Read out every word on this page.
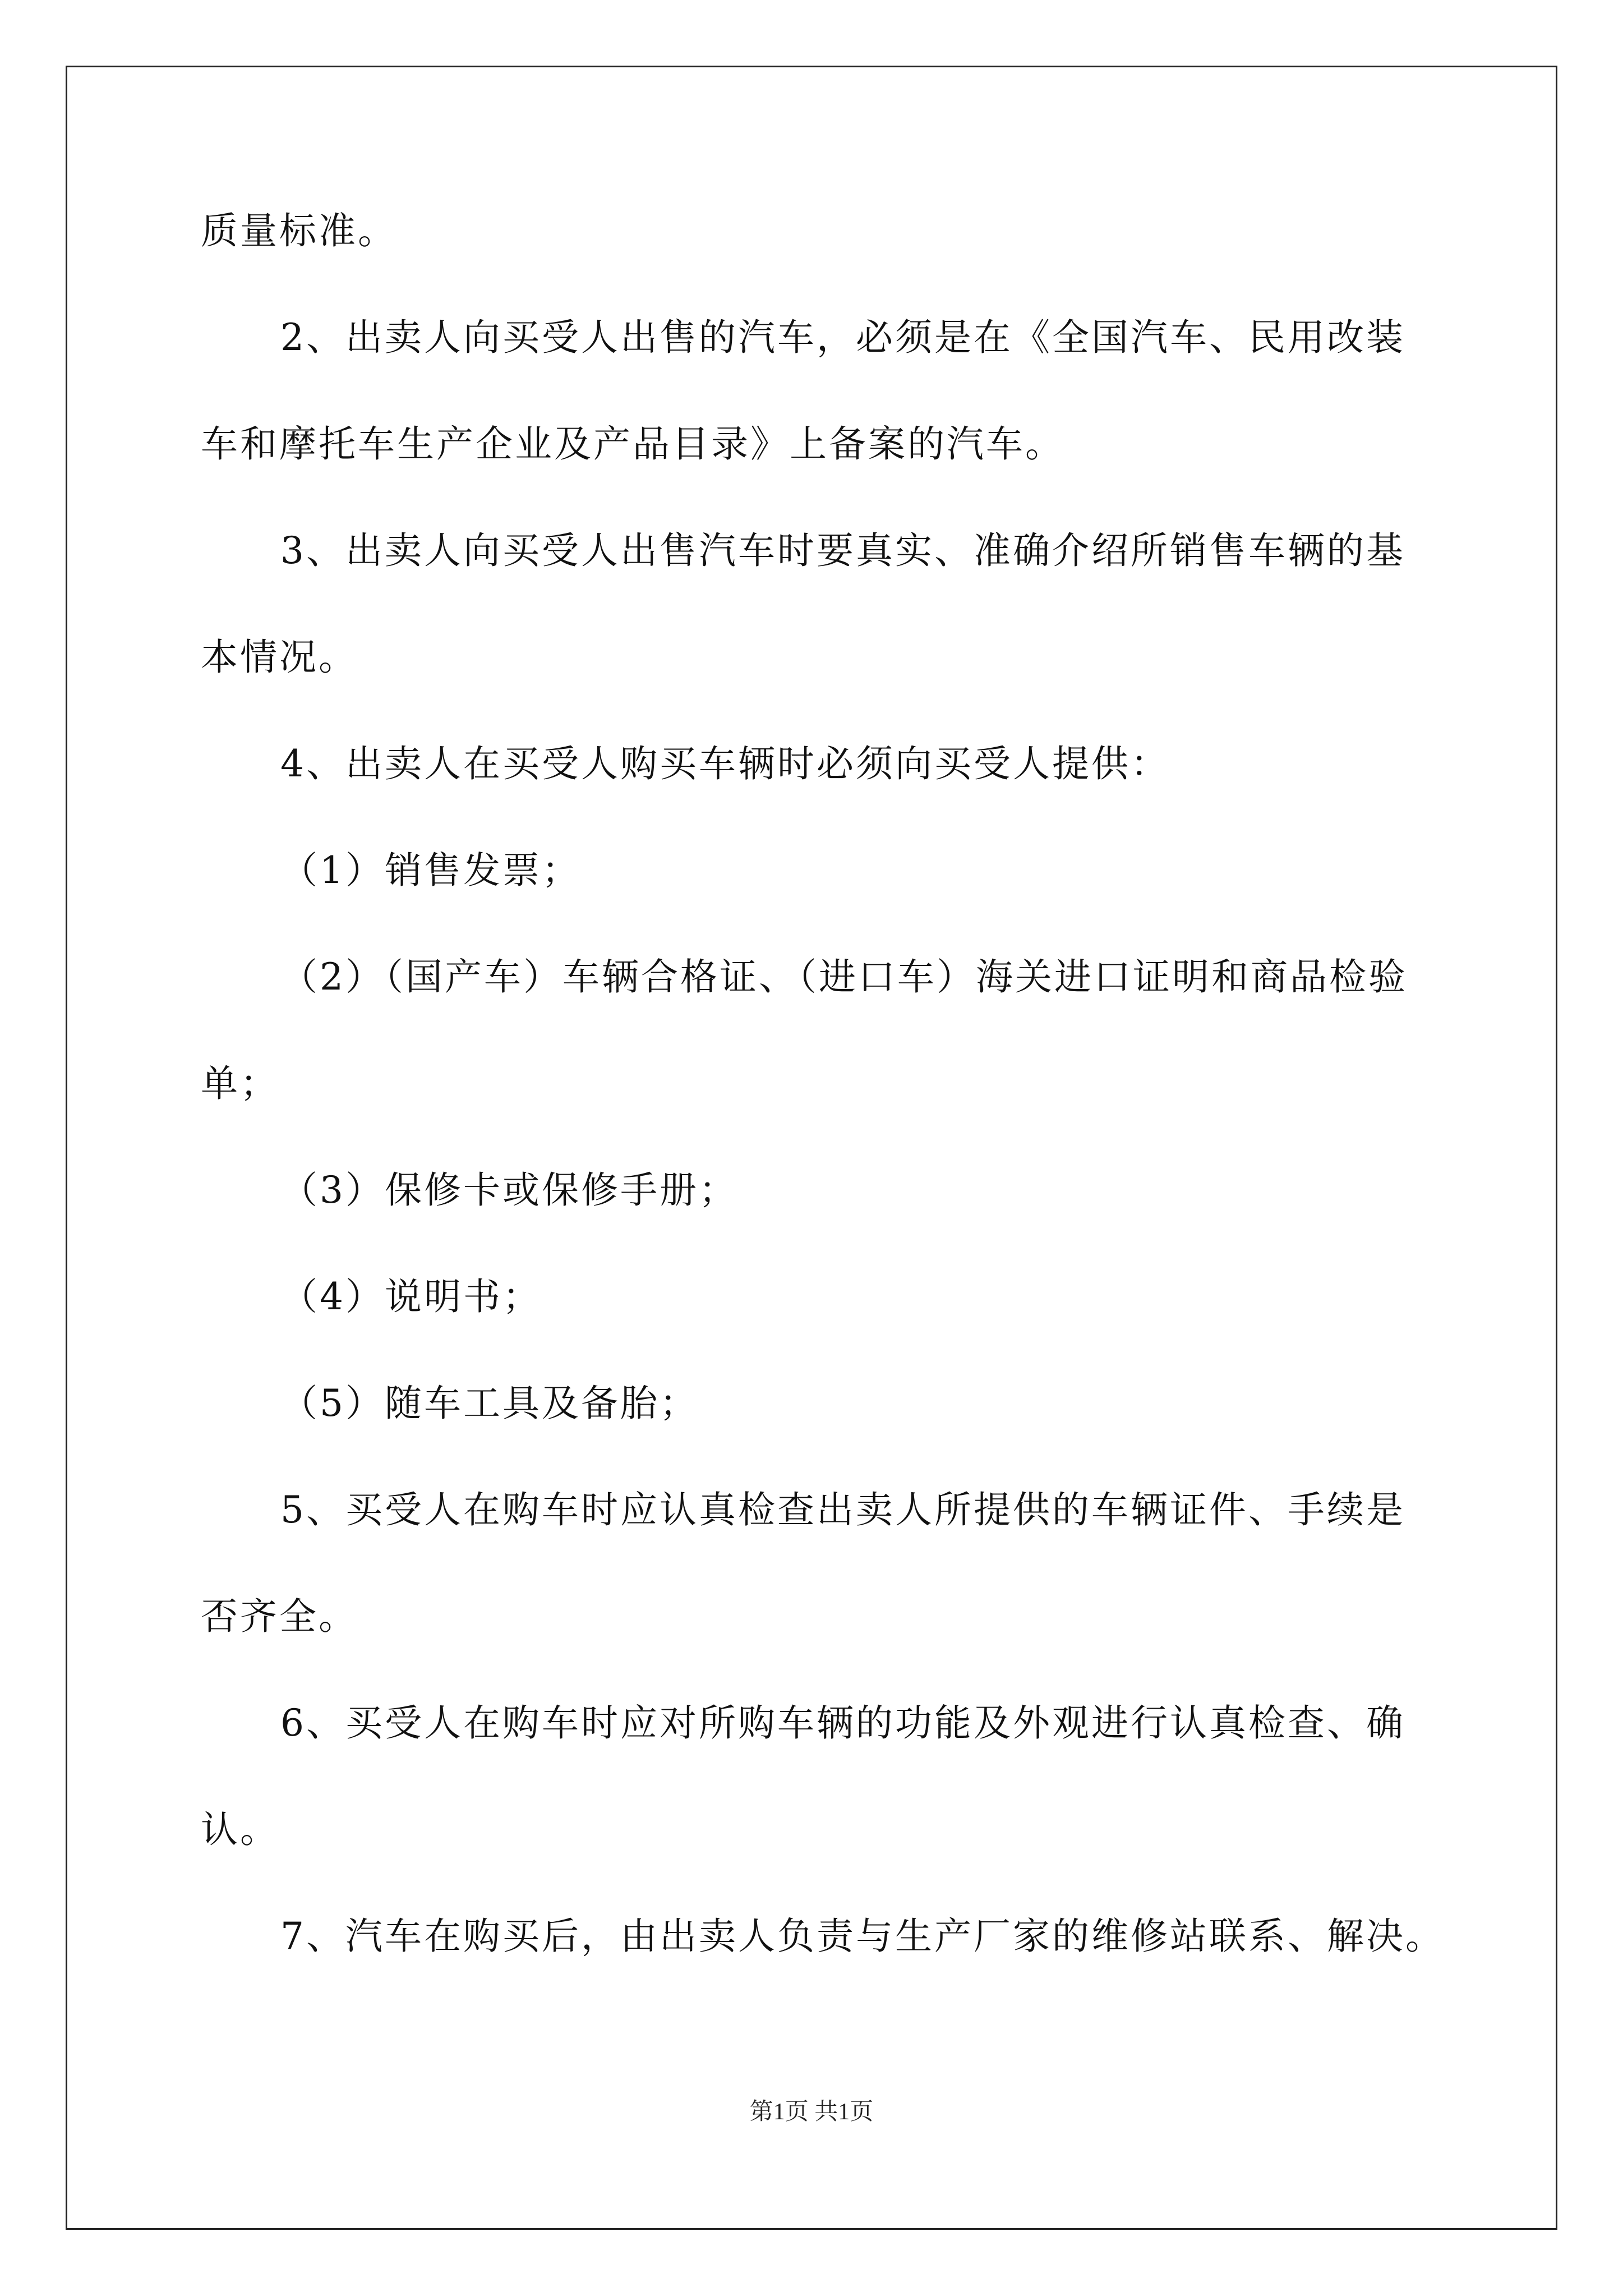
质量标准。
2、出卖人向买受人出售的汽车，必须是在《全国汽车、民用改装
车和摩托车生产企业及产品目录》上备案的汽车。
3、出卖人向买受人出售汽车时要真实、准确介绍所销售车辆的基
本情况。
4、出卖人在买受人购买车辆时必须向买受人提供：
（1）销售发票；
（2）（国产车）车辆合格证、（进口车）海关进口证明和商品检验
单；
（3）保修卡或保修手册；
（4）说明书；
（5）随车工具及备胎；
5、买受人在购车时应认真检查出卖人所提供的车辆证件、手续是
否齐全。
6、买受人在购车时应对所购车辆的功能及外观进行认真检查、确
认。
7、汽车在购买后，由出卖人负责与生产厂家的维修站联系、解决。
第1页 共1页
